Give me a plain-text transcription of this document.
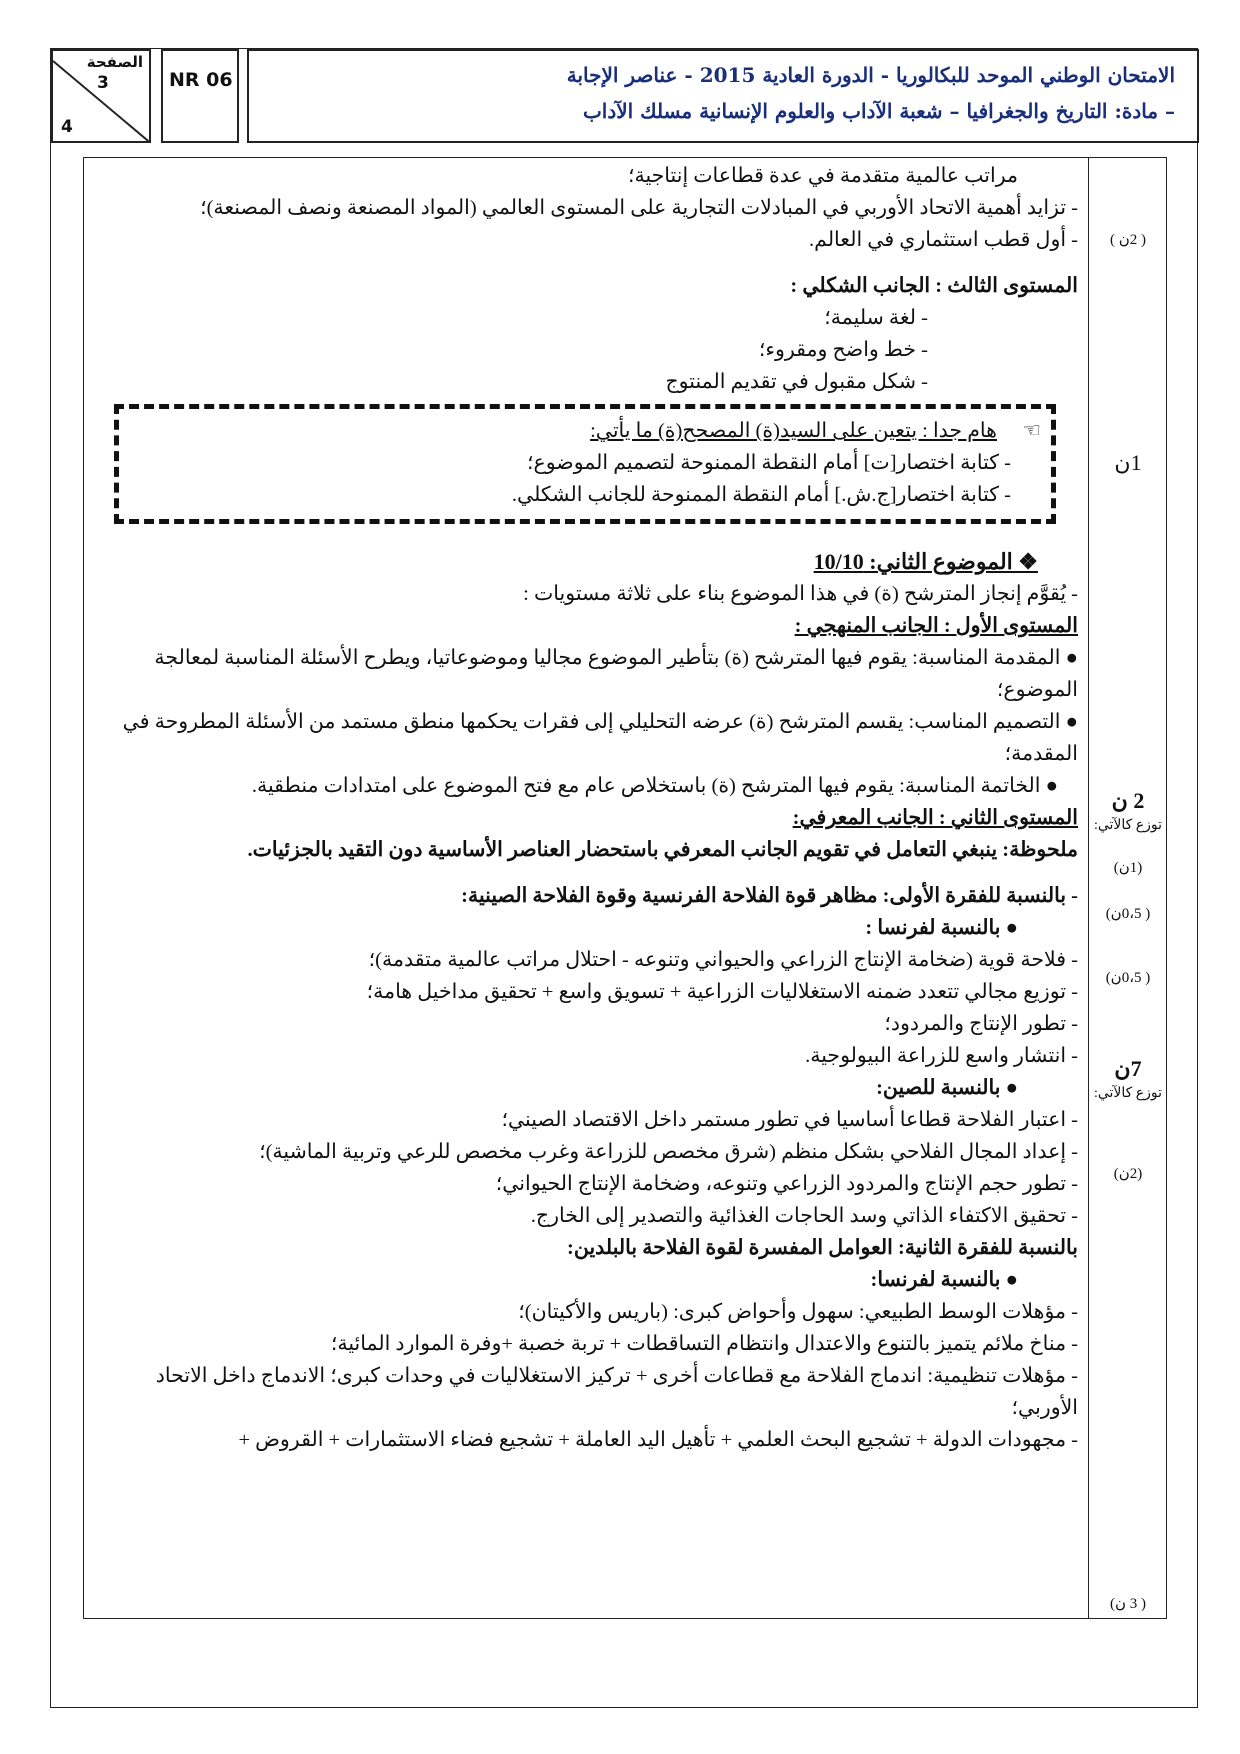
الصفحة
3
4
NR 06	الامتحان الوطني الموحد للبكالوريا - الدورة العادية 2015 - عناصر الإجابة
– مادة: التاريخ والجغرافيا – شعبة الآداب والعلوم الإنسانية مسلك الآداب

مراتب عالمية متقدمة في عدة قطاعات إنتاجية؛

- تزايد أهمية الاتحاد الأوربي في المبادلات التجارية على المستوى العالمي (المواد المصنعة ونصف المصنعة)؛

- أول قطب استثماري في العالم.

المستوى الثالث : الجانب الشكلي :

- لغة سليمة؛

- خط واضح ومقروء؛

- شكل مقبول في تقديم المنتوج

☜     هام جدا : يتعين على السيد(ة) المصحح(ة) ما يأتي:

- كتابة اختصار[ت] أمام النقطة الممنوحة لتصميم الموضوع؛

- كتابة اختصار[ج.ش.] أمام النقطة الممنوحة للجانب الشكلي.

❖ الموضوع الثاني: 10/10

- يُقوَّم إنجاز المترشح (ة) في هذا الموضوع بناء على ثلاثة مستويات :

المستوى الأول : الجانب المنهجي :

● المقدمة المناسبة: يقوم فيها المترشح (ة) بتأطير الموضوع مجاليا وموضوعاتيا، ويطرح الأسئلة المناسبة لمعالجة الموضوع؛

● التصميم المناسب: يقسم المترشح (ة) عرضه التحليلي إلى فقرات يحكمها منطق مستمد من الأسئلة المطروحة في المقدمة؛

● الخاتمة المناسبة: يقوم فيها المترشح (ة) باستخلاص عام مع فتح الموضوع على امتدادات منطقية.

المستوى الثاني : الجانب المعرفي:

ملحوظة: ينبغي التعامل في تقويم الجانب المعرفي باستحضار العناصر الأساسية دون التقيد بالجزئيات.

- بالنسبة للفقرة الأولى: مظاهر قوة الفلاحة الفرنسية وقوة الفلاحة الصينية:

● بالنسبة لفرنسا :

- فلاحة قوية (ضخامة الإنتاج الزراعي والحيواني وتنوعه - احتلال مراتب عالمية متقدمة)؛

- توزيع مجالي تتعدد ضمنه الاستغلاليات الزراعية + تسويق واسع + تحقيق مداخيل هامة؛

- تطور الإنتاج والمردود؛

- انتشار واسع للزراعة البيولوجية.

● بالنسبة للصين:

- اعتبار الفلاحة قطاعا أساسيا في تطور مستمر داخل الاقتصاد الصيني؛

- إعداد المجال الفلاحي بشكل منظم (شرق مخصص للزراعة وغرب مخصص للرعي وتربية الماشية)؛

- تطور حجم الإنتاج والمردود الزراعي وتنوعه، وضخامة الإنتاج الحيواني؛

- تحقيق الاكتفاء الذاتي وسد الحاجات الغذائية والتصدير إلى الخارج.

بالنسبة للفقرة الثانية: العوامل المفسرة لقوة الفلاحة بالبلدين:

● بالنسبة لفرنسا:

- مؤهلات الوسط الطبيعي: سهول وأحواض كبرى: (باريس والأكيتان)؛

- مناخ ملائم يتميز بالتنوع والاعتدال وانتظام التساقطات + تربة خصبة +وفرة الموارد المائية؛

- مؤهلات تنظيمية: اندماج الفلاحة مع قطاعات أخرى + تركيز الاستغلاليات في وحدات كبرى؛ الاندماج داخل الاتحاد الأوربي؛

- مجهودات الدولة + تشجيع البحث العلمي + تأهيل اليد العاملة + تشجيع فضاء الاستثمارات + القروض +

( 2ن )
1ن
2 ن
توزع كالآتي:
(1ن)
( 0،5ن)
( 0،5ن)
7ن
توزع كالآتي:
(2ن)
( 3 ن)
